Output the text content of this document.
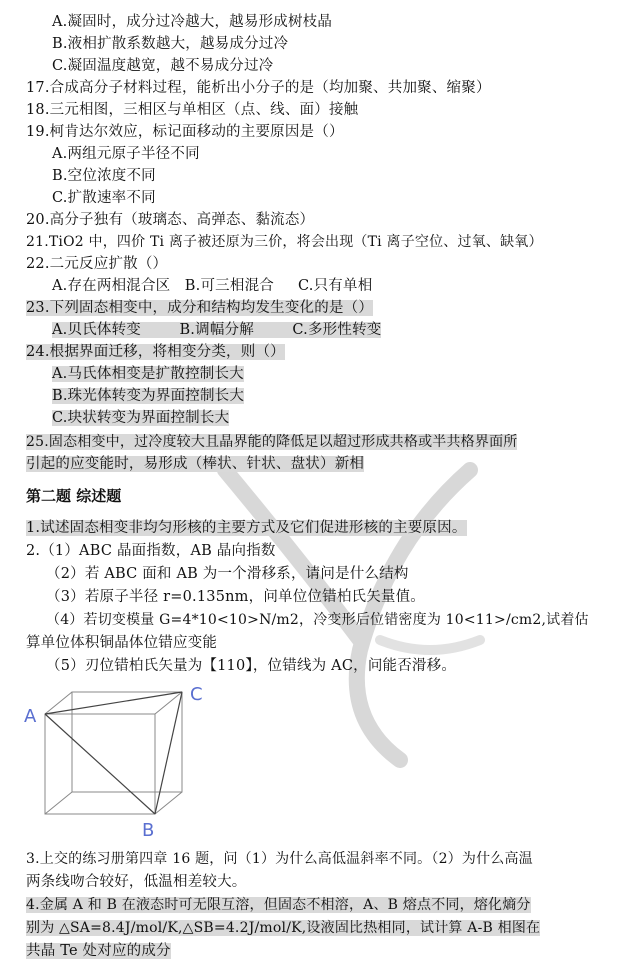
A.凝固时，成分过冷越大，越易形成树枝晶
B.液相扩散系数越大，越易成分过冷
C.凝固温度越宽，越不易成分过冷
17.合成高分子材料过程，能析出小分子的是（均加聚、共加聚、缩聚）
18.三元相图，三相区与单相区（点、线、面）接触
19.柯肯达尔效应，标记面移动的主要原因是（）
A.两组元原子半径不同
B.空位浓度不同
C.扩散速率不同
20.高分子独有（玻璃态、高弹态、黏流态）
21.TiO2 中，四价 Ti 离子被还原为三价，将会出现（Ti 离子空位、过氧、缺氧）
22.二元反应扩散（）
A.存在两相混合区   B.可三相混合     C.只有单相
23.下列固态相变中，成分和结构均发生变化的是（）
A.贝氏体转变        B.调幅分解        C.多形性转变
24.根据界面迁移，将相变分类，则（）
A.马氏体相变是扩散控制长大
B.珠光体转变为界面控制长大
C.块状转变为界面控制长大
25.固态相变中，过冷度较大且晶界能的降低足以超过形成共格或半共格界面所
引起的应变能时，易形成（棒状、针状、盘状）新相
第二题 综述题
1.试述固态相变非均匀形核的主要方式及它们促进形核的主要原因。
2.（1）ABC 晶面指数，AB 晶向指数
（2）若 ABC 面和 AB 为一个滑移系，请问是什么结构
（3）若原子半径 r=0.135nm，问单位位错柏氏矢量值。
（4）若切变模量 G=4*10<10>N/m2，冷变形后位错密度为 10<11>/cm2,试着估
算单位体积铜晶体位错应变能
（5）刃位错柏氏矢量为【110】，位错线为 AC，问能否滑移。
A
C
B
3.上交的练习册第四章 16 题，问（1）为什么高低温斜率不同。（2）为什么高温
两条线吻合较好，低温相差较大。
4.金属 A 和 B 在液态时可无限互溶，但固态不相溶，A、B 熔点不同，熔化熵分
别为 △SA=8.4J/mol/K,△SB=4.2J/mol/K,设液固比热相同，试计算 A-B 相图在
共晶 Te 处对应的成分
